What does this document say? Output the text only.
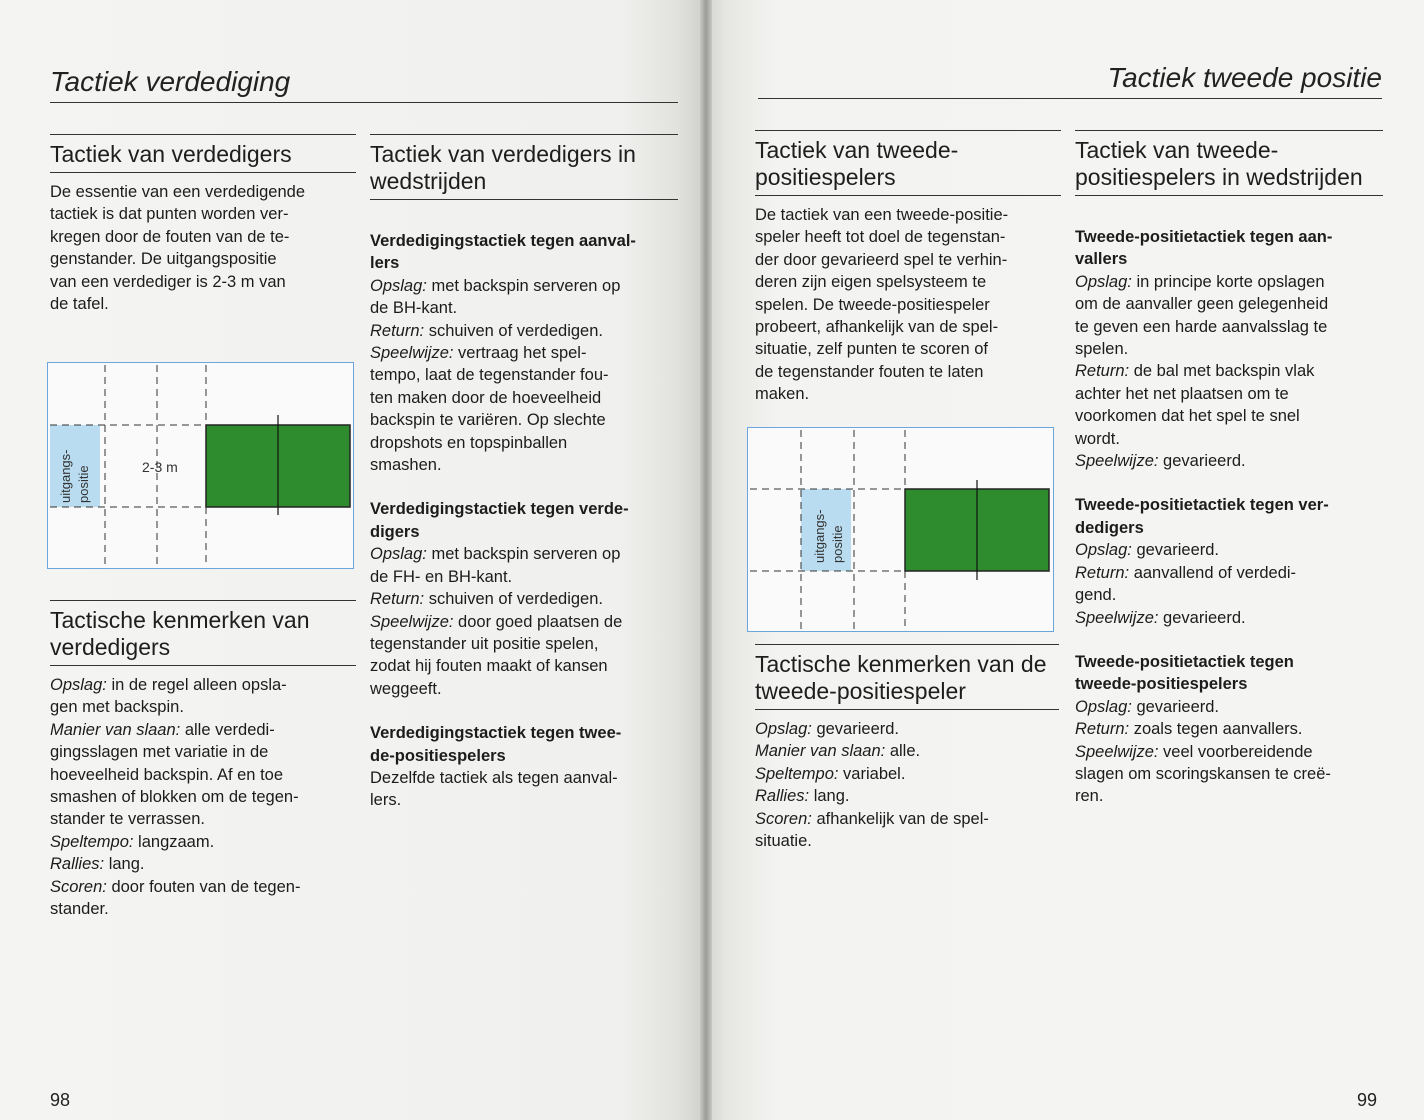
Tactiek verdediging
Tactiek van verdedigers

De essentie van een verdedigende

tactiek is dat punten worden ver-

kregen door de fouten van de te-

genstander. De uitgangspositie

van een verdediger is 2-3 m van

de tafel.

uitgangs- positie	2-3 m
Tactische kenmerken van verdedigers

Opslag: in de regel alleen opsla-

gen met backspin.

Manier van slaan: alle verdedi-

gingsslagen met variatie in de

hoeveelheid backspin. Af en toe

smashen of blokken om de tegen-

stander te verrassen.

Speltempo: langzaam.

Rallies: lang.

Scoren: door fouten van de tegen-

stander.

Tactiek van verdedigers in wedstrijden
Verdedigingstactiek tegen aanval-
lers

Opslag: met backspin serveren op

de BH-kant.

Return: schuiven of verdedigen.

Speelwijze: vertraag het spel-

tempo, laat de tegenstander fou-

ten maken door de hoeveelheid

backspin te variëren. Op slechte

dropshots en topspinballen

smashen.

Verdedigingstactiek tegen verde-
digers

Opslag: met backspin serveren op

de FH- en BH-kant.

Return: schuiven of verdedigen.

Speelwijze: door goed plaatsen de

tegenstander uit positie spelen,

zodat hij fouten maakt of kansen

weggeeft.

Verdedigingstactiek tegen twee-
de-positiespelers

Dezelfde tactiek als tegen aanval-

lers.

98
Tactiek tweede positie
Tactiek van tweede-positiespelers

De tactiek van een tweede-positie-

speler heeft tot doel de tegenstan-

der door gevarieerd spel te verhin-

deren zijn eigen spelsysteem te

spelen. De tweede-positiespeler

probeert, afhankelijk van de spel-

situatie, zelf punten te scoren of

de tegenstander fouten te laten

maken.

uitgangs- positie
Tactische kenmerken van de tweede-positiespeler

Opslag: gevarieerd.

Manier van slaan: alle.

Speltempo: variabel.

Rallies: lang.

Scoren: afhankelijk van de spel-

situatie.

Tactiek van tweede-positiespelers in wedstrijden
Tweede-positietactiek tegen aan-
vallers

Opslag: in principe korte opslagen

om de aanvaller geen gelegenheid

te geven een harde aanvalsslag te

spelen.

Return: de bal met backspin vlak

achter het net plaatsen om te

voorkomen dat het spel te snel

wordt.

Speelwijze: gevarieerd.

Tweede-positietactiek tegen ver-
dedigers

Opslag: gevarieerd.

Return: aanvallend of verdedi-

gend.

Speelwijze: gevarieerd.

Tweede-positietactiek tegen
tweede-positiespelers

Opslag: gevarieerd.

Return: zoals tegen aanvallers.

Speelwijze: veel voorbereidende

slagen om scoringskansen te creë-

ren.

99
